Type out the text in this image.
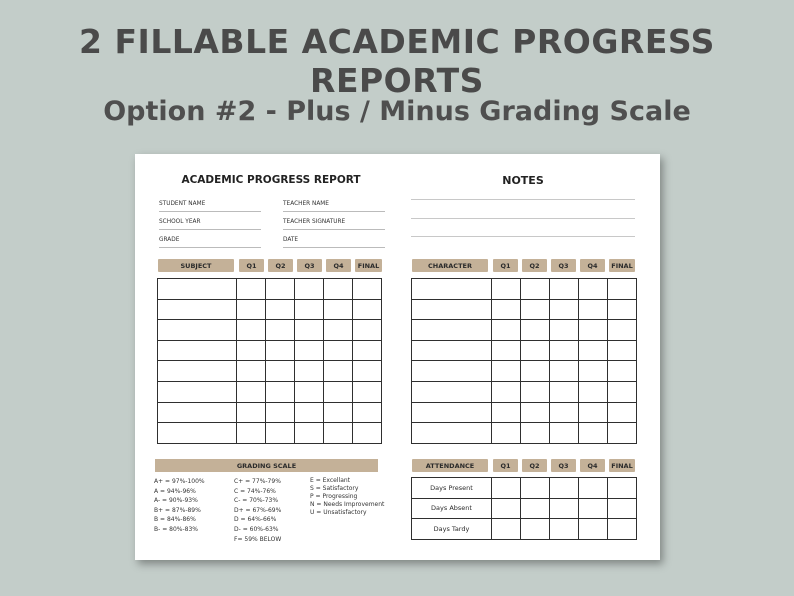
2 FILLABLE ACADEMIC PROGRESS REPORTS
Option #2 - Plus / Minus Grading Scale
ACADEMIC PROGRESS REPORT	NOTES
STUDENT NAME
SCHOOL YEAR
GRADE
TEACHER NAME
TEACHER SIGNATURE
DATE
SUBJECT	Q1	Q2	Q3	Q4	FINAL

						CHARACTER	Q1	Q2	Q3	Q4	FINAL

GRADING SCALE
A+ = 97%-100%
A = 94%-96%
A- = 90%-93%
B+ = 87%-89%
B = 84%-86%
B- = 80%-83%
C+ = 77%-79%
C = 74%-76%
C- = 70%-73%
D+ = 67%-69%
D = 64%-66%
D- = 60%-63%
F= 59% BELOW
E = Excellant
S = Satisfactory
P = Progressing
N = Needs Improvement
U = Unsatisfactory
ATTENDANCE	Q1	Q2	Q3	Q4	FINAL
Days Present					
Days Absent					
Days Tardy					
